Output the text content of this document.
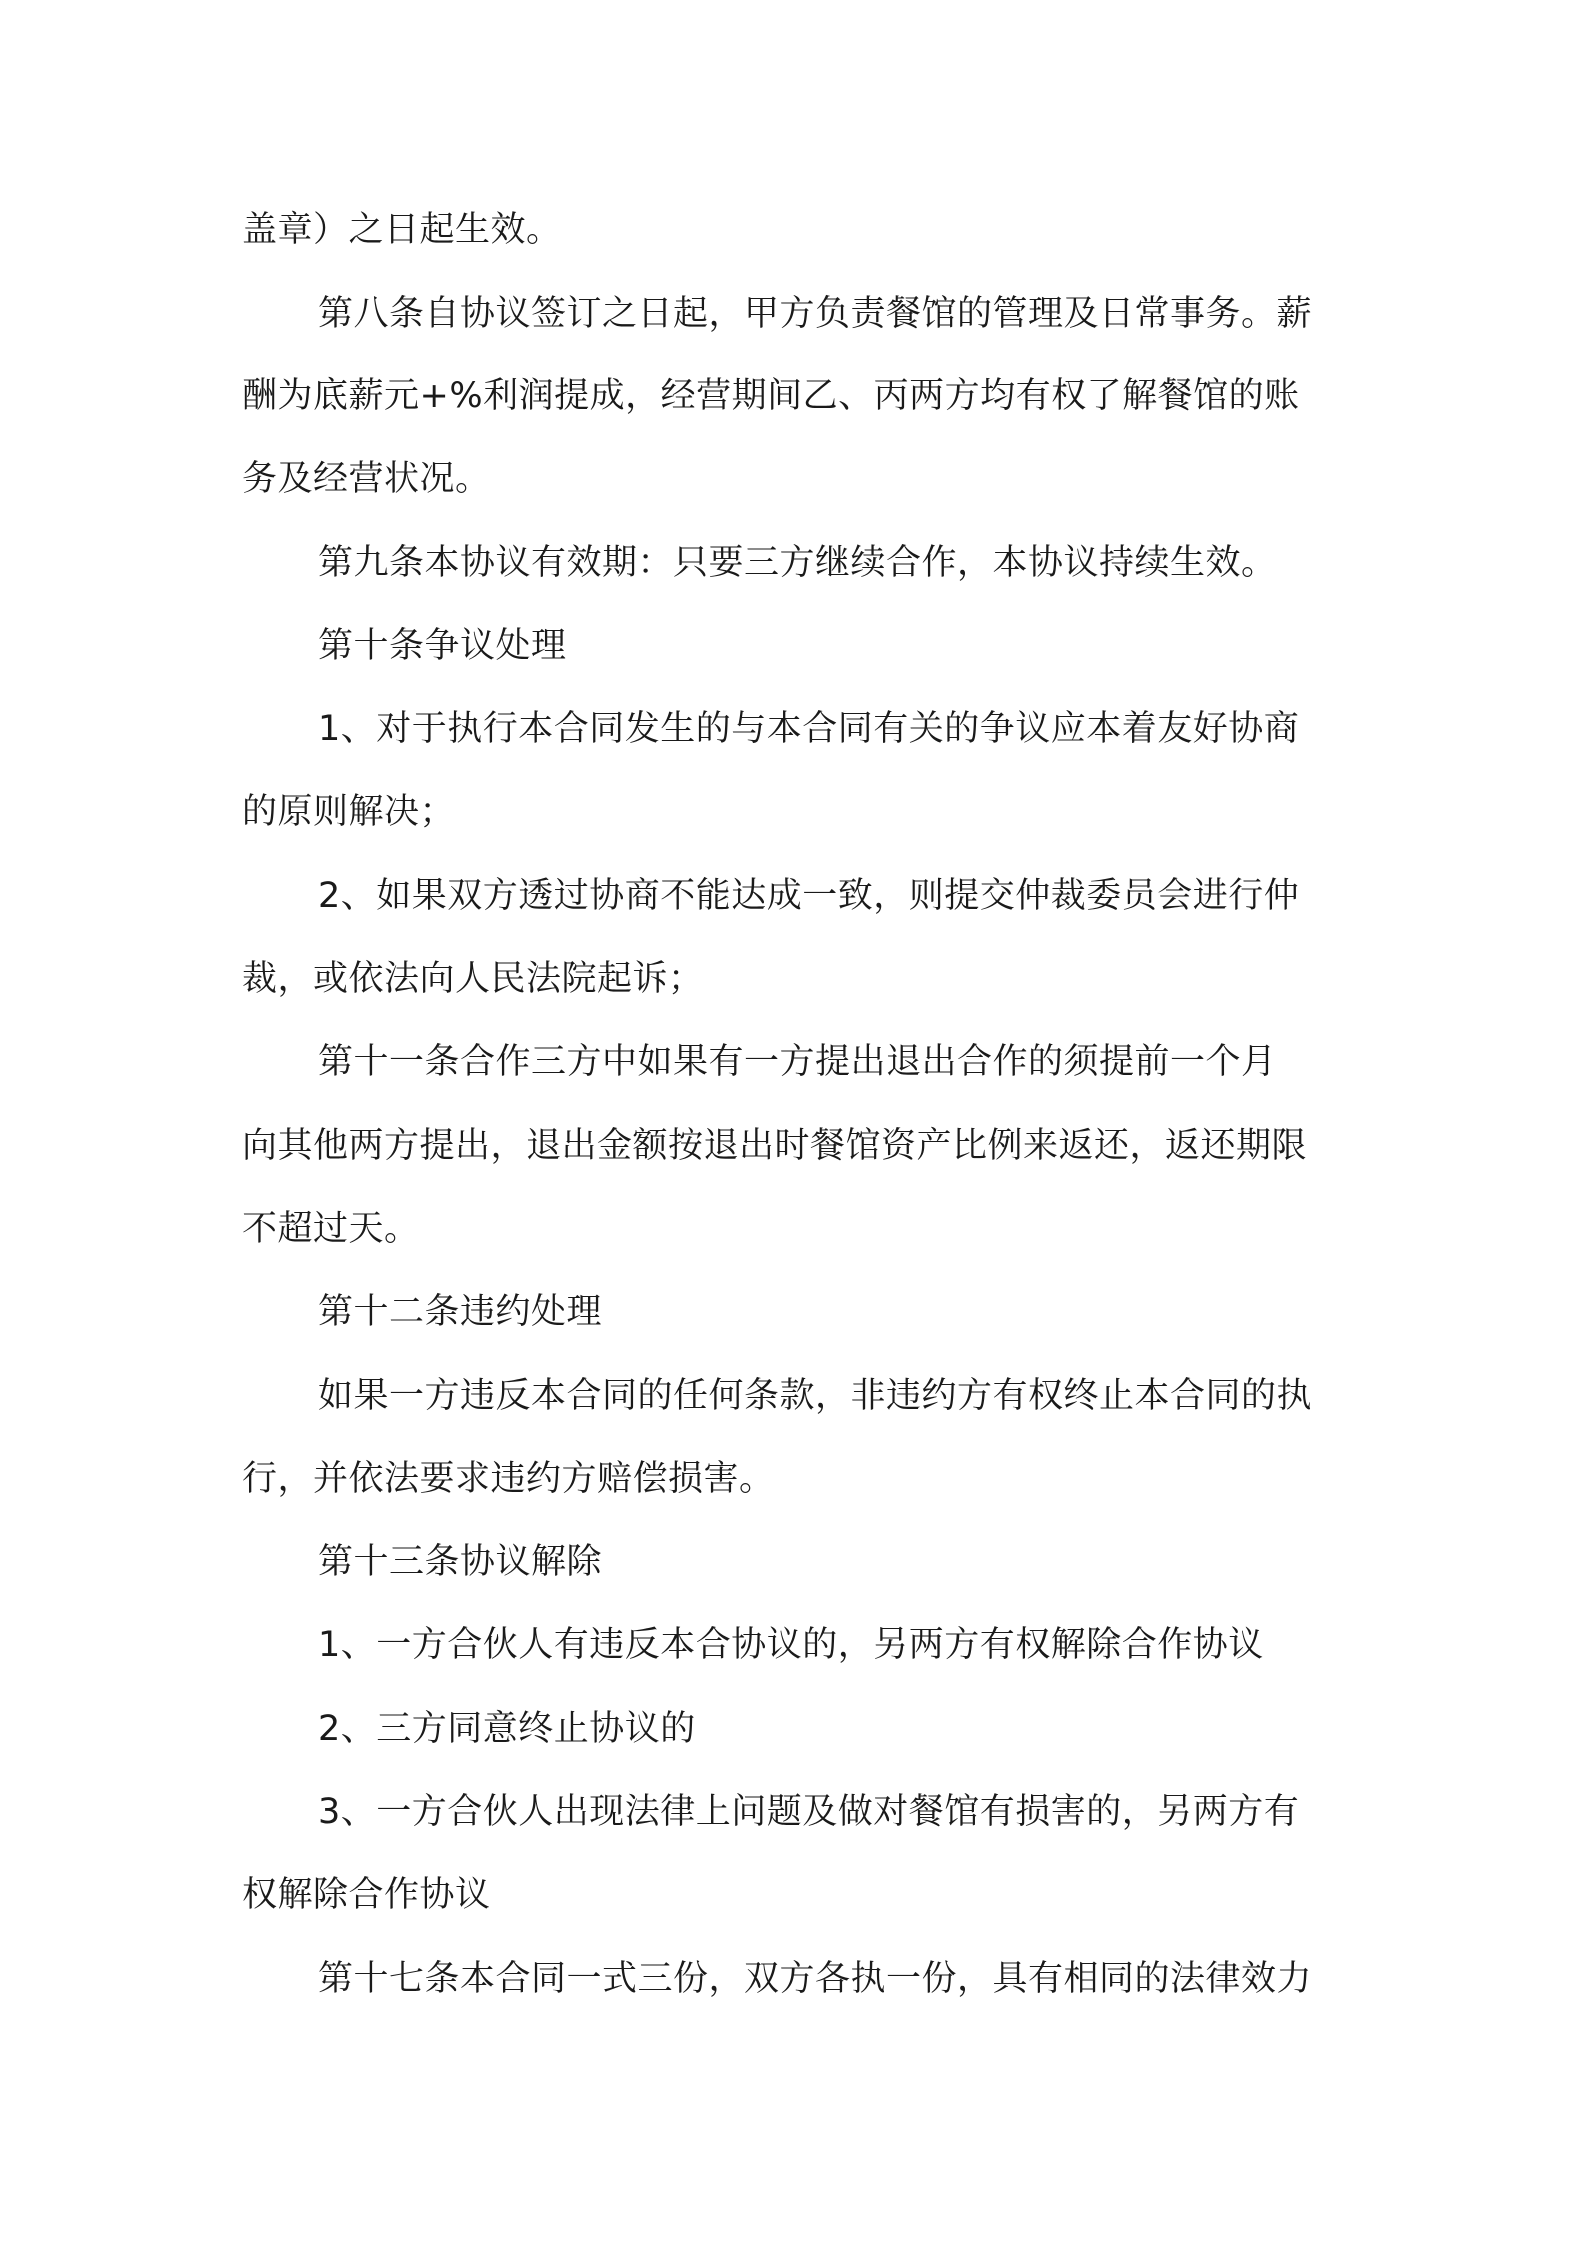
盖章）之日起生效。
第八条自协议签订之日起，甲方负责餐馆的管理及日常事务。薪
酬为底薪元+%利润提成，经营期间乙、丙两方均有权了解餐馆的账
务及经营状况。
第九条本协议有效期：只要三方继续合作，本协议持续生效。
第十条争议处理
1、对于执行本合同发生的与本合同有关的争议应本着友好协商
的原则解决；
2、如果双方透过协商不能达成一致，则提交仲裁委员会进行仲
裁，或依法向人民法院起诉；
第十一条合作三方中如果有一方提出退出合作的须提前一个月
向其他两方提出，退出金额按退出时餐馆资产比例来返还，返还期限
不超过天。
第十二条违约处理
如果一方违反本合同的任何条款，非违约方有权终止本合同的执
行，并依法要求违约方赔偿损害。
第十三条协议解除
1、一方合伙人有违反本合协议的，另两方有权解除合作协议
2、三方同意终止协议的
3、一方合伙人出现法律上问题及做对餐馆有损害的，另两方有
权解除合作协议
第十七条本合同一式三份，双方各执一份，具有相同的法律效力
